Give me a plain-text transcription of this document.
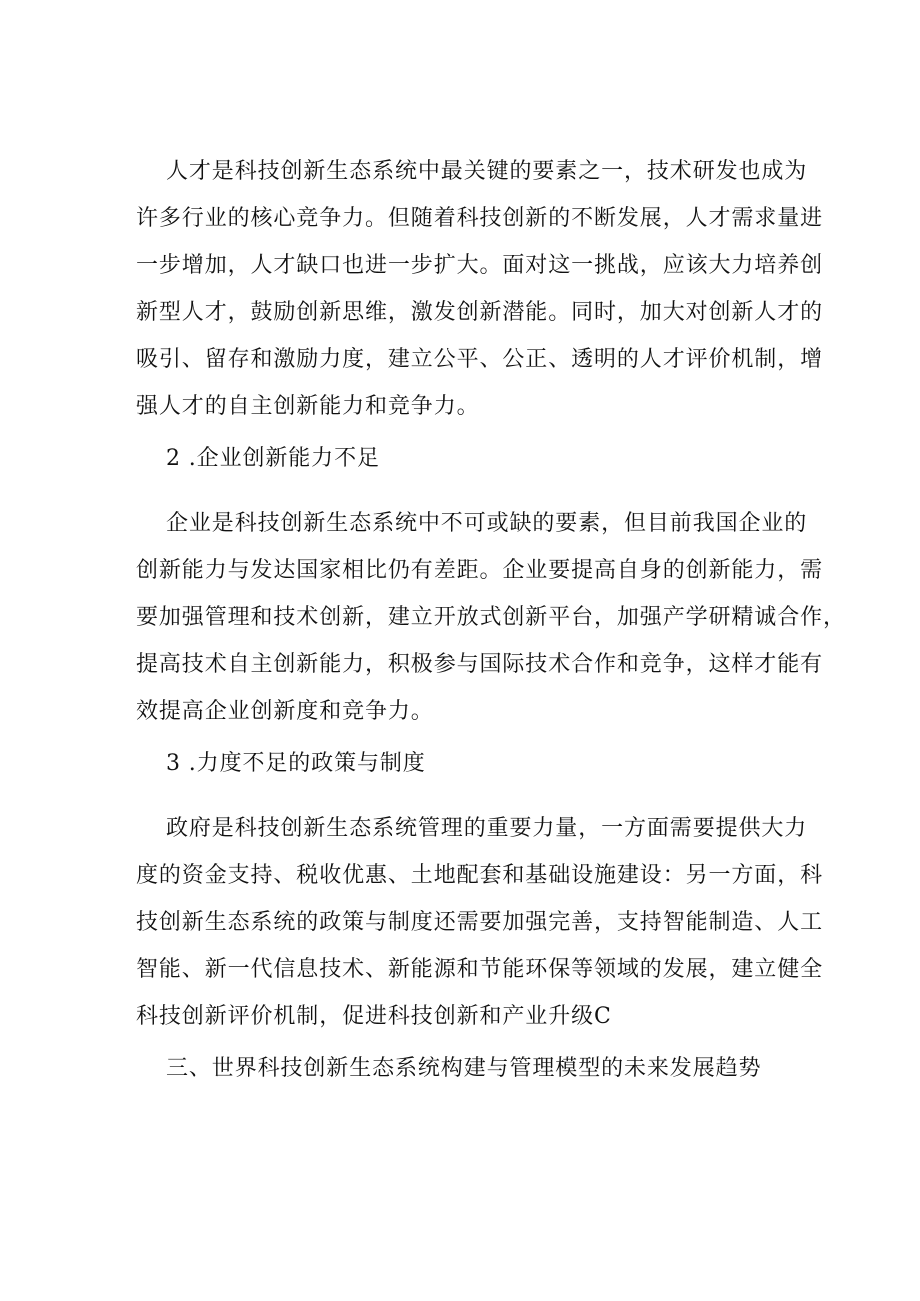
人才是科技创新生态系统中最关键的要素之一，技术研发也成为
许多行业的核心竞争力。但随着科技创新的不断发展，人才需求量进
一步增加，人才缺口也进一步扩大。面对这一挑战，应该大力培养创
新型人才，鼓励创新思维，激发创新潜能。同时，加大对创新人才的
吸引、留存和激励力度，建立公平、公正、透明的人才评价机制，增
强人才的自主创新能力和竞争力。
2 .企业创新能力不足
企业是科技创新生态系统中不可或缺的要素，但目前我国企业的
创新能力与发达国家相比仍有差距。企业要提高自身的创新能力，需
要加强管理和技术创新，建立开放式创新平台，加强产学研精诚合作，
提高技术自主创新能力，积极参与国际技术合作和竞争，这样才能有
效提高企业创新度和竞争力。
3 .力度不足的政策与制度
政府是科技创新生态系统管理的重要力量，一方面需要提供大力
度的资金支持、税收优惠、土地配套和基础设施建设：另一方面，科
技创新生态系统的政策与制度还需要加强完善，支持智能制造、人工
智能、新一代信息技术、新能源和节能环保等领域的发展，建立健全
科技创新评价机制，促进科技创新和产业升级C
三、世界科技创新生态系统构建与管理模型的未来发展趋势
